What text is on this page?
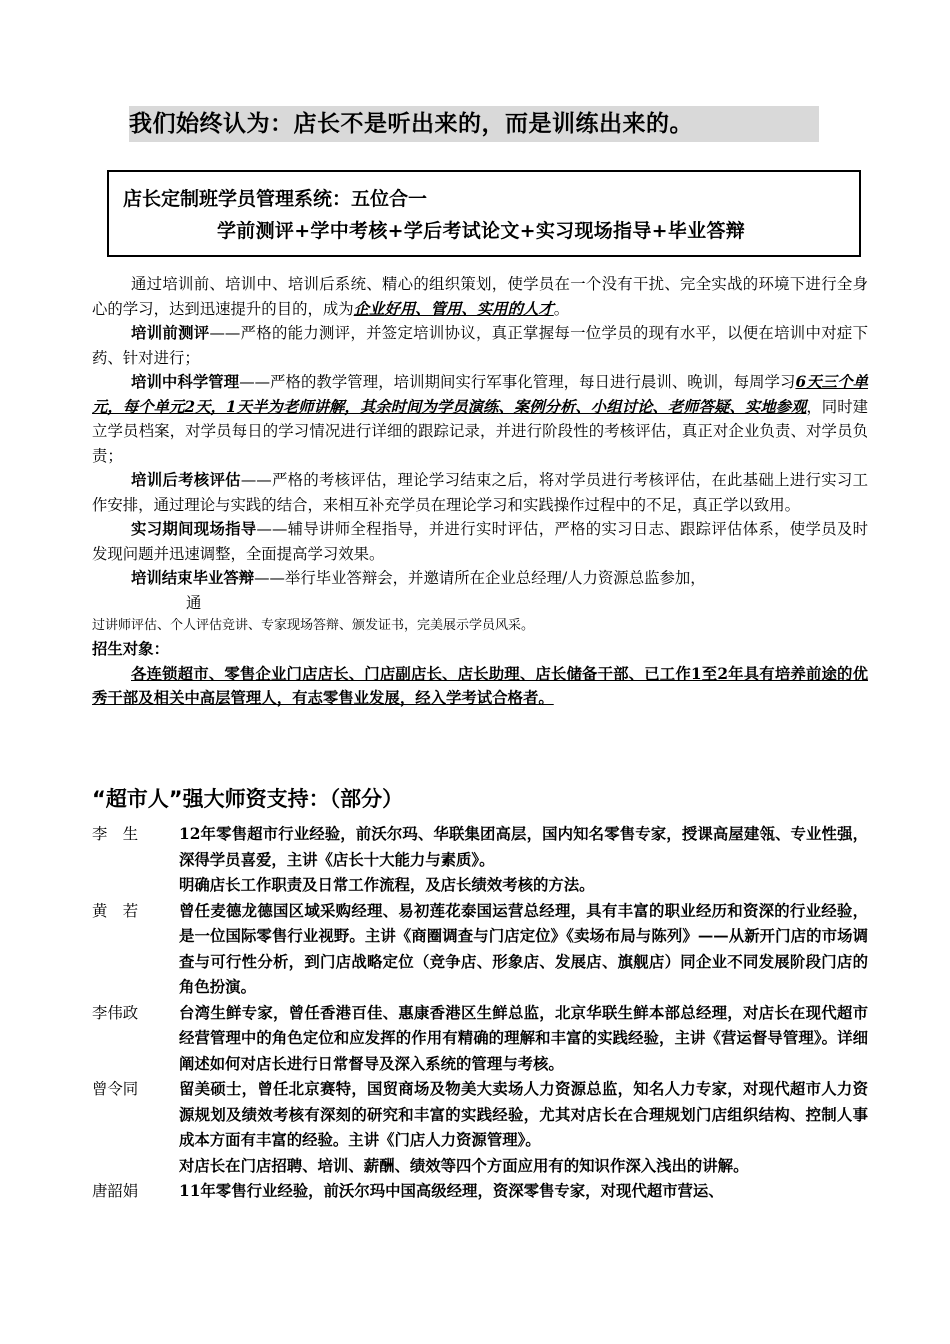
我们始终认为：店长不是听出来的，而是训练出来的。
店长定制班学员管理系统：五位合一
学前测评+学中考核+学后考试论文+实习现场指导+毕业答辩

通过培训前、培训中、培训后系统、精心的组织策划，使学员在一个没有干扰、完全实战的环境下进行全身心的学习，达到迅速提升的目的，成为企业好用、管用、实用的人才。

培训前测评——严格的能力测评，并签定培训协议，真正掌握每一位学员的现有水平，以便在培训中对症下药、针对进行；

培训中科学管理——严格的教学管理，培训期间实行军事化管理，每日进行晨训、晚训，每周学习6天三个单元，每个单元2天，1天半为老师讲解，其余时间为学员演练、案例分析、小组讨论、老师答疑、实地参观，同时建立学员档案，对学员每日的学习情况进行详细的跟踪记录，并进行阶段性的考核评估，真正对企业负责、对学员负责；

培训后考核评估——严格的考核评估，理论学习结束之后，将对学员进行考核评估，在此基础上进行实习工作安排，通过理论与实践的结合，来相互补充学员在理论学习和实践操作过程中的不足，真正学以致用。

实习期间现场指导——辅导讲师全程指导，并进行实时评估，严格的实习日志、跟踪评估体系，使学员及时发现问题并迅速调整，全面提高学习效果。

培训结束毕业答辩——举行毕业答辩会，并邀请所在企业总经理/人力资源总监参加，

通

过讲师评估、个人评估竞讲、专家现场答辩、颁发证书，完美展示学员风采。

招生对象：

各连锁超市、零售企业门店店长、门店副店长、店长助理、店长储备干部、已工作1至2年具有培养前途的优秀干部及相关中高层管理人，有志零售业发展，经入学考试合格者。

“超市人”强大师资支持：（部分）
李　生	12年零售超市行业经验，前沃尔玛、华联集团高层，国内知名零售专家，授课高屋建瓴、专业性强，深得学员喜爱，主讲《店长十大能力与素质》。

明确店长工作职责及日常工作流程，及店长绩效考核的方法。

黄　若	曾任麦德龙德国区域采购经理、易初莲花泰国运营总经理，具有丰富的职业经历和资深的行业经验，是一位国际零售行业视野。主讲《商圈调查与门店定位》《卖场布局与陈列》——从新开门店的市场调查与可行性分析，到门店战略定位（竞争店、形象店、发展店、旗舰店）同企业不同发展阶段门店的角色扮演。

李伟政	台湾生鲜专家，曾任香港百佳、惠康香港区生鲜总监，北京华联生鲜本部总经理，对店长在现代超市经营管理中的角色定位和应发挥的作用有精确的理解和丰富的实践经验，主讲《营运督导管理》。详细阐述如何对店长进行日常督导及深入系统的管理与考核。

曾令同	留美硕士，曾任北京赛特，国贸商场及物美大卖场人力资源总监，知名人力专家，对现代超市人力资源规划及绩效考核有深刻的研究和丰富的实践经验，尤其对店长在合理规划门店组织结构、控制人事成本方面有丰富的经验。主讲《门店人力资源管理》。

对店长在门店招聘、培训、薪酬、绩效等四个方面应用有的知识作深入浅出的讲解。

唐韶娟	11年零售行业经验，前沃尔玛中国高级经理，资深零售专家，对现代超市营运、
